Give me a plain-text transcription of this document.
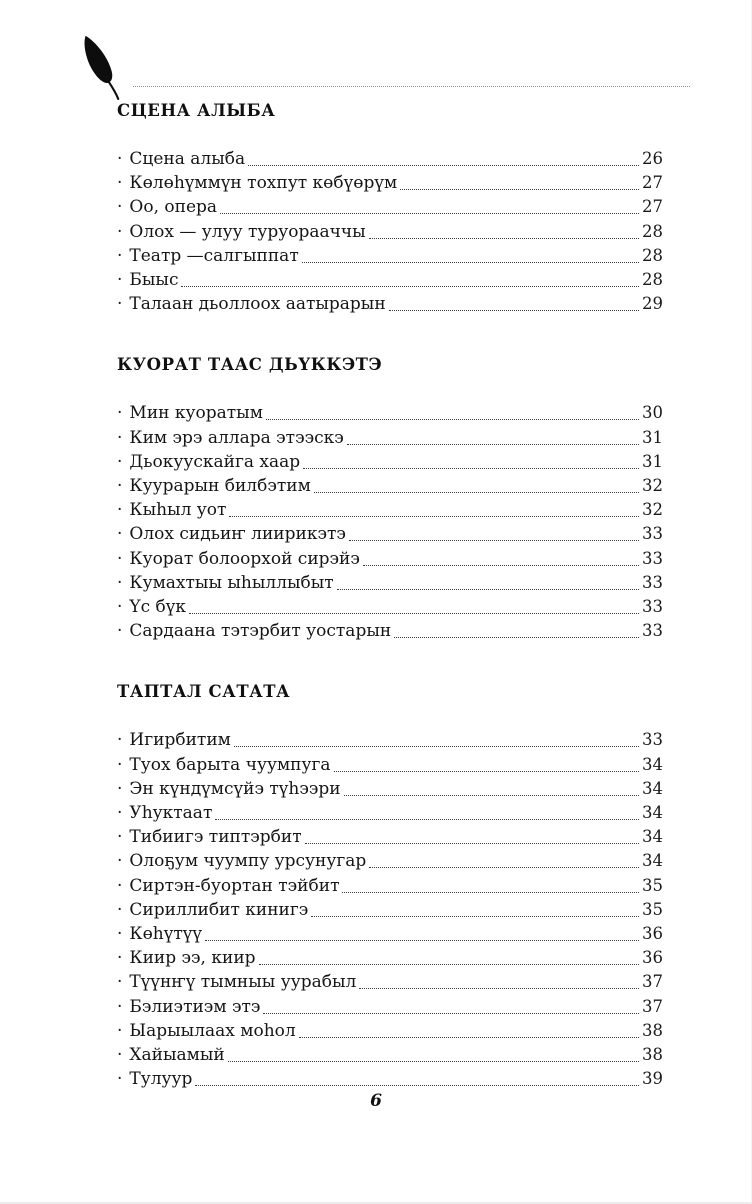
СЦЕНА АЛЫБА
· Сцена алыба	26
· Көлөһүммүн тохпут көбүөрүм	27
· Оо, опера	27
· Олох — улуу туруорааччы	28
· Театр —салгыппат	28
· Быыс	28
· Талаан дьоллоох аатырарын	29
КУОРАТ ТААС ДЬҮККЭТЭ
· Мин куоратым	30
· Ким эрэ аллара этээскэ	31
· Дьокуускайга хаар	31
· Куурарын билбэтим	32
· Кыһыл уот	32
· Олох сидьиҥ лиирикэтэ	33
· Куорат болоорхой сирэйэ	33
· Кумахтыы ыһыллыбыт	33
· Үс бүк	33
· Сардаана тэтэрбит уостарын	33
ТАПТАЛ САТАТА
· Игирбитим	33
· Туох барыта чуумпуга	34
· Эн күндүмсүйэ түһээри	34
· Уһуктаат	34
· Тибиигэ типтэрбит	34
· Олоҕум чуумпу урсунугар	34
· Сиртэн-буортан тэйбит	35
· Сириллибит кинигэ	35
· Көһүтүү	36
· Киир ээ, киир	36
· Түүнҥү тымныы уурабыл	37
· Бэлиэтиэм этэ	37
· Ыарыылаах моһол	38
· Хайыамый	38
· Тулуур	39
6
